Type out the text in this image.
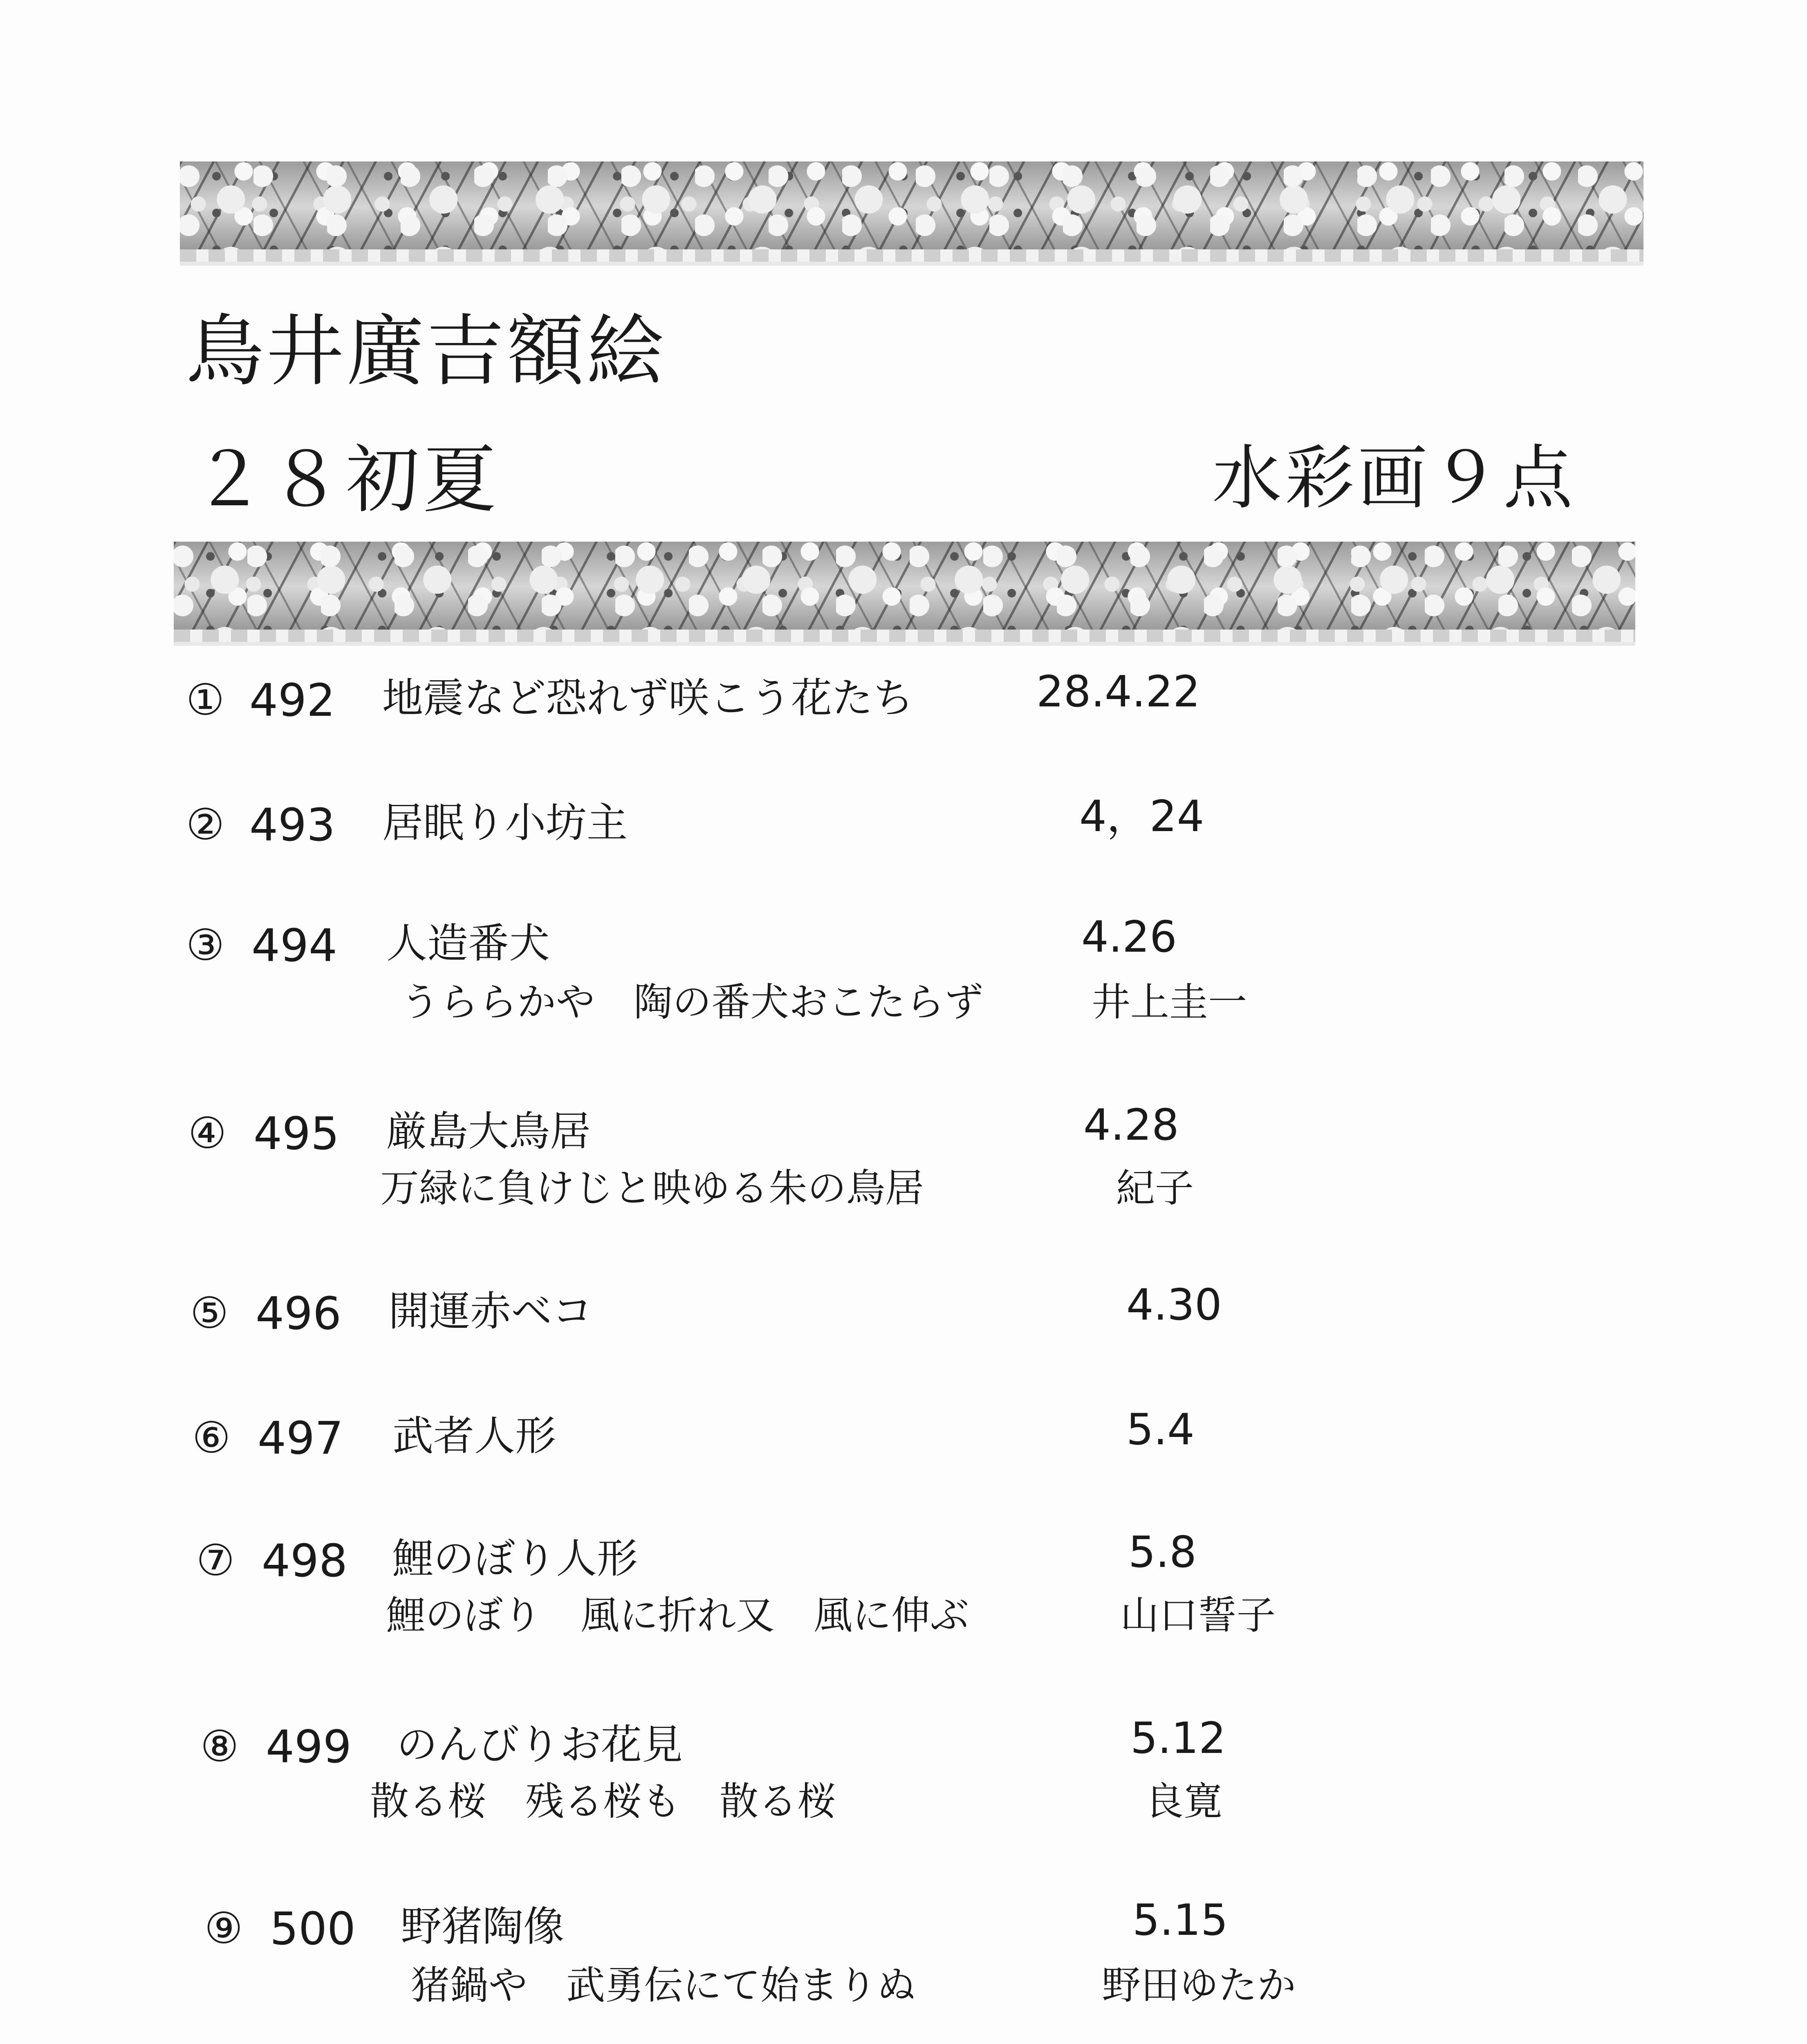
鳥井廣吉額絵
２８初夏	水彩画９点
① 492 地震など恐れず咲こう花たち	28.4.22
② 493 居眠り小坊主	4，24
③ 494 人造番犬	4.26
うららかや　陶の番犬おこたらず	井上圭一
④ 495 厳島大鳥居	4.28
万緑に負けじと映ゆる朱の鳥居	紀子
⑤ 496 開運赤ベコ	4.30
⑥ 497 武者人形	5.4
⑦ 498 鯉のぼり人形	5.8
鯉のぼり　風に折れ又　風に伸ぶ	山口誓子
⑧ 499 のんびりお花見	5.12
散る桜　残る桜も　散る桜	良寛
⑨ 500 野猪陶像	5.15
猪鍋や　武勇伝にて始まりぬ	野田ゆたか
